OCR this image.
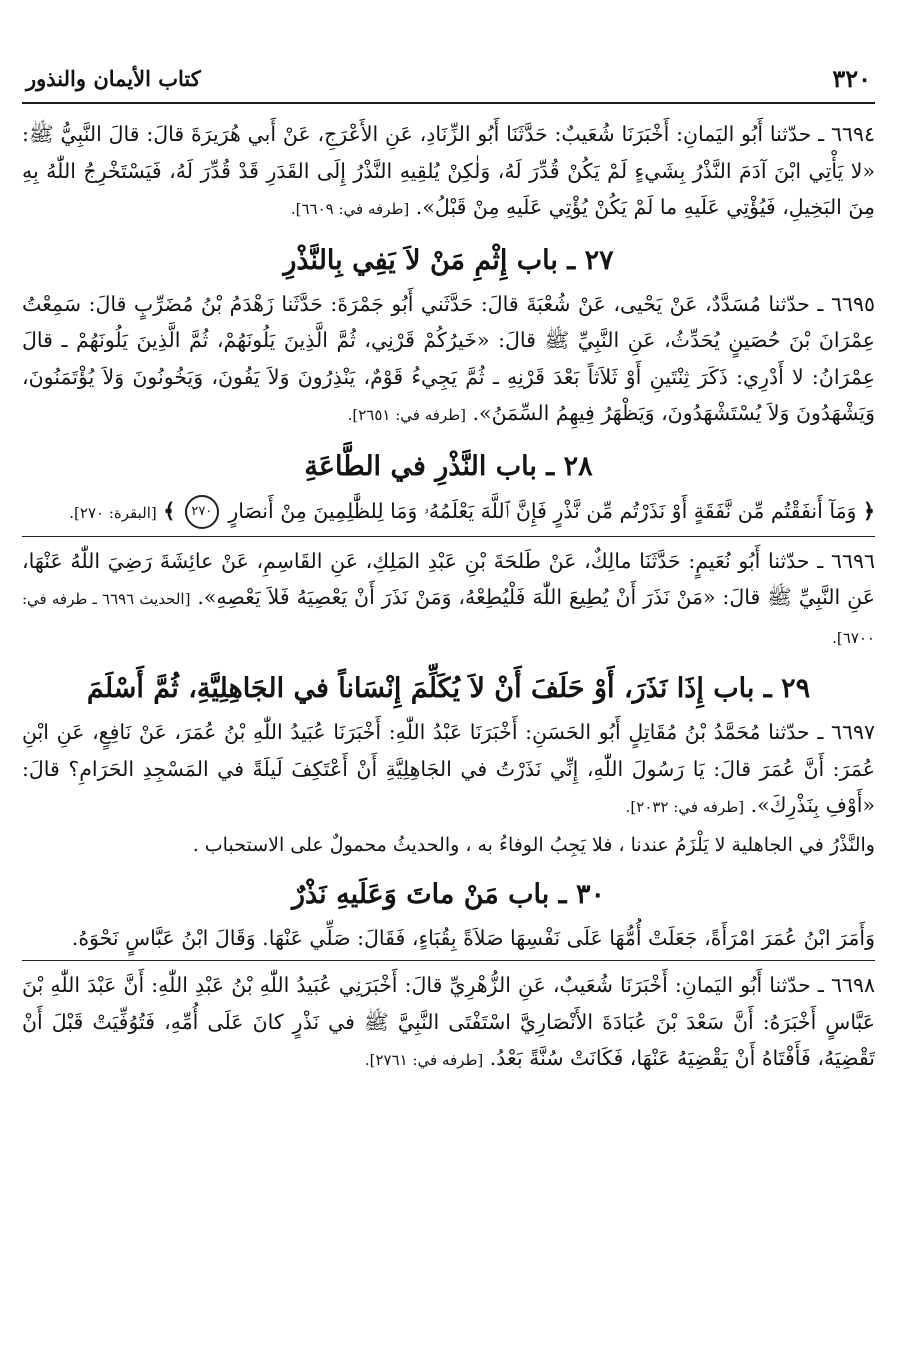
٣٢٠
كتاب الأيمان والنذور

٦٦٩٤ ـ حدّثنا أَبُو اليَمانِ: أَخْبَرَنَا شُعَيبٌ: حَدَّثَنَا أَبُو الزِّنَادِ، عَنِ الأَعْرَجِ، عَنْ أَبي هُرَيرَةَ قالَ: قالَ النَّبِيُّ ﷺ: «لا يَأْتِي ابْنَ آدَمَ النَّذْرُ بِشَيءٍ لَمْ يَكُنْ قُدِّرَ لَهُ، وَلٰكِنْ يُلقِيهِ النَّذْرُ إِلَى القَدَرِ قَدْ قُدِّرَ لَهُ، فَيَسْتَخْرِجُ اللّٰهُ بِهِ مِنَ البَخِيلِ، فَيُؤْتِي عَلَيهِ ما لَمْ يَكُنْ يُؤْتِي عَلَيهِ مِنْ قَبْلُ». [طرفه في: ٦٦٠٩].

٢٧ ـ باب إِثْمِ مَنْ لاَ يَفِي بِالنَّذْرِ

٦٦٩٥ ـ حدّثنا مُسَدَّدٌ، عَنْ يَحْيى، عَنْ شُعْبَةَ قالَ: حَدَّثَني أَبُو جَمْرَةَ: حَدَّثَنا زَهْدَمُ بْنُ مُضَرِّبٍ قالَ: سَمِعْتُ عِمْرَانَ بْنَ حُصَينٍ يُحَدِّثُ، عَنِ النَّبِيِّ ﷺ قالَ: «خَيرُكُمْ قَرْنِي، ثُمَّ الَّذِينَ يَلُونَهُمْ، ثُمَّ الَّذِينَ يَلُونَهُمْ ـ قالَ عِمْرَانُ: لا أَدْرِي: ذَكَرَ ثِنْتَينِ أَوْ ثَلاَثاً بَعْدَ قَرْنِهِ ـ ثُمَّ يَجِيءُ قَوْمٌ، يَنْذِرُونَ وَلاَ يَفُونَ، وَيَخُونُونَ وَلاَ يُؤْتَمَنُونَ، وَيَشْهَدُونَ وَلاَ يُسْتَشْهَدُونَ، وَيَظْهَرُ فِيهِمُ السِّمَنُ». [طرفه في: ٢٦٥١].

٢٨ ـ باب النَّذْرِ في الطَّاعَةِ

﴿ وَمَآ أَنفَقْتُم مِّن نَّفَقَةٍ أَوْ نَذَرْتُم مِّن نَّذْرٍ فَإِنَّ ٱللَّهَ يَعْلَمُهُۥ وَمَا لِلظَّٰلِمِينَ مِنْ أَنصَارٍ ٢٧٠ ﴾ [البقرة: ٢٧٠].

٦٦٩٦ ـ حدّثنا أَبُو نُعَيمٍ: حَدَّثَنَا مالِكٌ، عَنْ طَلحَةَ بْنِ عَبْدِ المَلِكِ، عَنِ القَاسِمِ، عَنْ عائِشَةَ رَضِيَ اللّٰهُ عَنْهَا، عَنِ النَّبِيِّ ﷺ قالَ: «مَنْ نَذَرَ أَنْ يُطِيعَ اللّٰهَ فَلْيُطِعْهُ، وَمَنْ نَذَرَ أَنْ يَعْصِيَهُ فَلاَ يَعْصِهِ». [الحديث ٦٦٩٦ ـ طرفه في: ٦٧٠٠].

٢٩ ـ باب إِذَا نَذَرَ، أَوْ حَلَفَ أَنْ لاَ يُكَلِّمَ إِنْسَاناً في الجَاهِلِيَّةِ، ثُمَّ أَسْلَمَ

٦٦٩٧ ـ حدّثنا مُحَمَّدُ بْنُ مُقَاتِلٍ أَبُو الحَسَنِ: أَخْبَرَنَا عَبْدُ اللّٰهِ: أَخْبَرَنَا عُبَيدُ اللّٰهِ بْنُ عُمَرَ، عَنْ نَافِعٍ، عَنِ ابْنِ عُمَرَ: أَنَّ عُمَرَ قالَ: يَا رَسُولَ اللّٰهِ، إِنِّي نَذَرْتُ في الجَاهِلِيَّةِ أَنْ أَعْتَكِفَ لَيلَةً في المَسْجِدِ الحَرَامِ؟ قالَ: «أَوْفِ بِنَذْرِكَ». [طرفه في: ٢٠٣٢].

والنَّذْرُ في الجاهلية لا يَلْزَمُ عندنا ، فلا يَجِبُ الوفاءُ به ، والحديثُ محمولٌ على الاستحباب .

٣٠ ـ باب مَنْ ماتَ وَعَلَيهِ نَذْرٌ

وَأَمَرَ ابْنُ عُمَرَ امْرَأَةً، جَعَلَتْ أُمُّهَا عَلَى نَفْسِهَا صَلاَةً بِقُبَاءٍ، فَقَالَ: صَلِّي عَنْهَا. وَقَالَ ابْنُ عَبَّاسٍ نَحْوَهُ.

٦٦٩٨ ـ حدّثنا أَبُو اليَمانِ: أَخْبَرَنَا شُعَيبٌ، عَنِ الزُّهْرِيِّ قالَ: أَخْبَرَنِي عُبَيدُ اللّٰهِ بْنُ عَبْدِ اللّٰهِ: أَنَّ عَبْدَ اللّٰهِ بْنَ عَبَّاسٍ أَخْبَرَهُ: أَنَّ سَعْدَ بْنَ عُبَادَةَ الأَنْصَارِيَّ اسْتَفْتَى النَّبِيَّ ﷺ في نَذْرٍ كانَ عَلَى أُمِّهِ، فَتُوُفِّيَتْ قَبْلَ أَنْ تَقْضِيَهُ، فَأَفْتَاهُ أَنْ يَقْضِيَهُ عَنْهَا، فَكَانَتْ سُنَّةً بَعْدُ. [طرفه في: ٢٧٦١].
